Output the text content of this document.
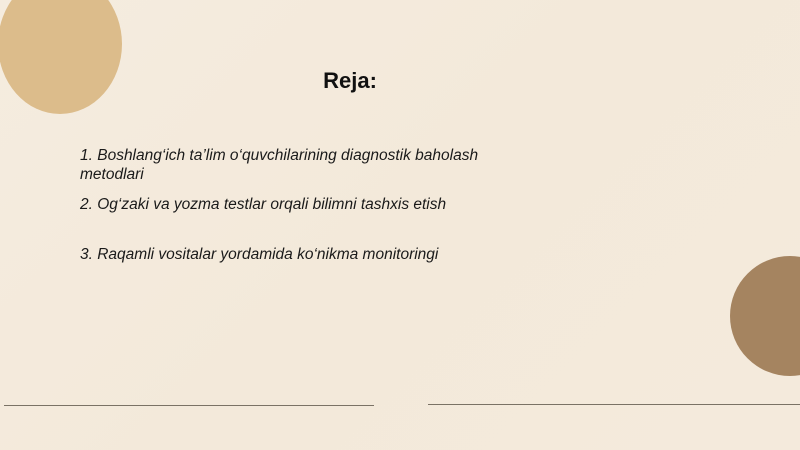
Reja:
1. Boshlang‘ich ta’lim o‘quvchilarining diagnostik baholash metodlari
2. Og‘zaki va yozma testlar orqali bilimni tashxis etish
3. Raqamli vositalar yordamida ko‘nikma monitoringi
